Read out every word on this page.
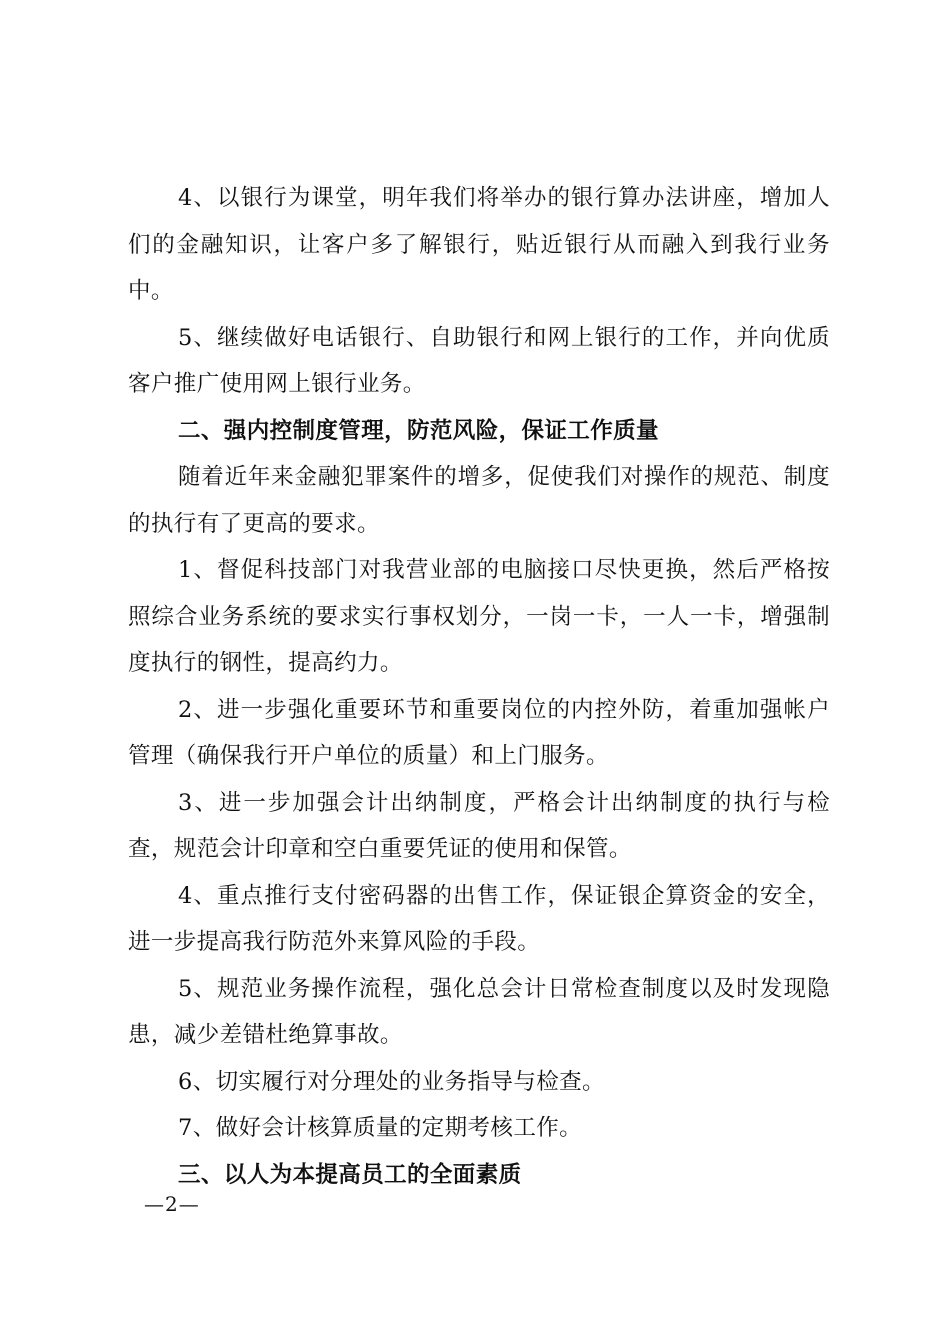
4、以银行为课堂，明年我们将举办的银行算办法讲座，增加人们的金融知识，让客户多了解银行，贴近银行从而融入到我行业务中。

5、继续做好电话银行、自助银行和网上银行的工作，并向优质客户推广使用网上银行业务。

二、强内控制度管理，防范风险，保证工作质量

随着近年来金融犯罪案件的增多，促使我们对操作的规范、制度的执行有了更高的要求。

1、督促科技部门对我营业部的电脑接口尽快更换，然后严格按照综合业务系统的要求实行事权划分，一岗一卡，一人一卡，增强制度执行的钢性，提高约力。

2、进一步强化重要环节和重要岗位的内控外防，着重加强帐户管理（确保我行开户单位的质量）和上门服务。

3、进一步加强会计出纳制度，严格会计出纳制度的执行与检查，规范会计印章和空白重要凭证的使用和保管。

4、重点推行支付密码器的出售工作，保证银企算资金的安全，进一步提高我行防范外来算风险的手段。

5、规范业务操作流程，强化总会计日常检查制度以及时发现隐患，减少差错杜绝算事故。

6、切实履行对分理处的业务指导与检查。

7、做好会计核算质量的定期考核工作。

三、以人为本提高员工的全面素质

—2—
